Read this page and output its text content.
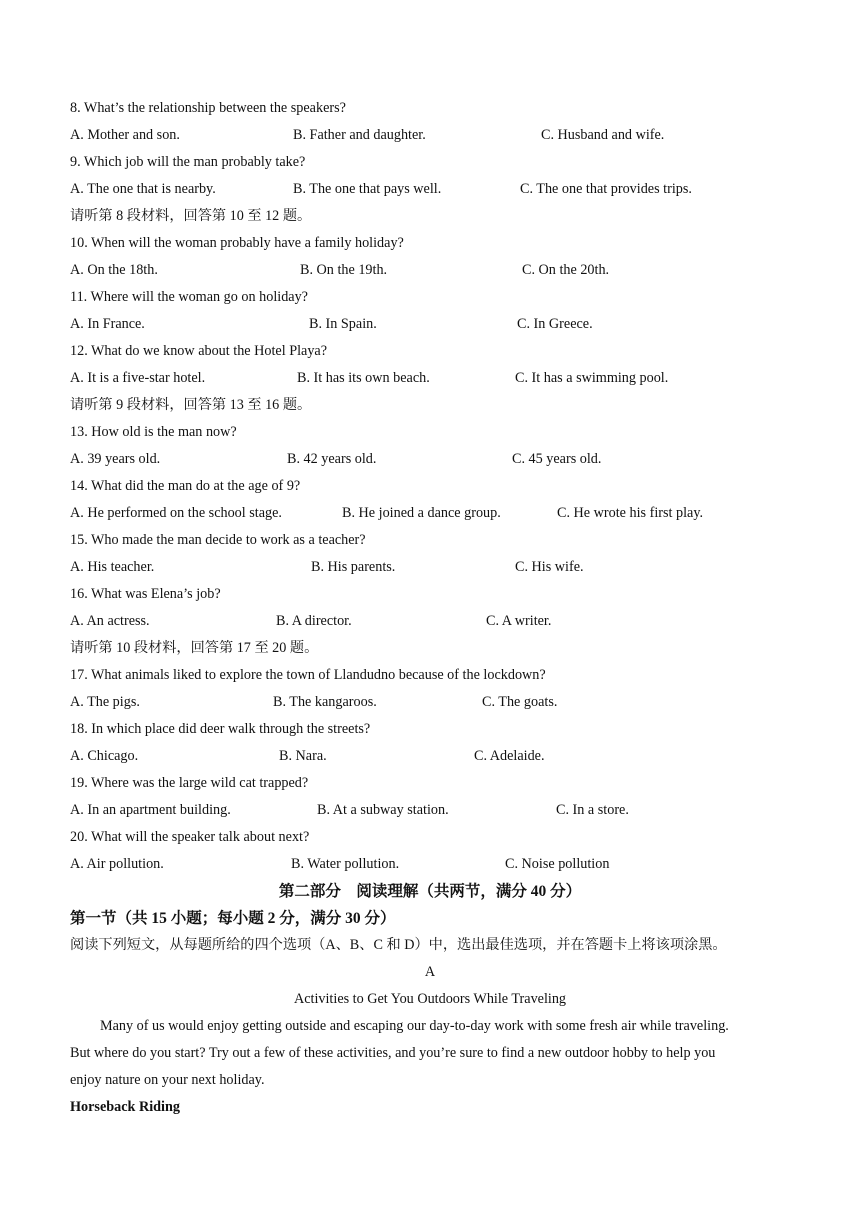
8. What’s the relationship between the speakers?
A. Mother and son.	B. Father and daughter.	C. Husband and wife.
9. Which job will the man probably take?
A. The one that is nearby.	B. The one that pays well.	C. The one that provides trips.
请听第 8 段材料，回答第 10 至 12 题。
10. When will the woman probably have a family holiday?
A. On the 18th.	B. On the 19th.	C. On the 20th.
11. Where will the woman go on holiday?
A. In France.	B. In Spain.	C. In Greece.
12. What do we know about the Hotel Playa?
A. It is a five-star hotel.	B. It has its own beach.	C. It has a swimming pool.
请听第 9 段材料，回答第 13 至 16 题。
13. How old is the man now?
A. 39 years old.	B. 42 years old.	C. 45 years old.
14. What did the man do at the age of 9?
A. He performed on the school stage.	B. He joined a dance group.	C. He wrote his first play.
15. Who made the man decide to work as a teacher?
A. His teacher.	B. His parents.	C. His wife.
16. What was Elena’s job?
A. An actress.	B. A director.	C. A writer.
请听第 10 段材料，回答第 17 至 20 题。
17. What animals liked to explore the town of Llandudno because of the lockdown?
A. The pigs.	B. The kangaroos.	C. The goats.
18. In which place did deer walk through the streets?
A. Chicago.	B. Nara.	C. Adelaide.
19. Where was the large wild cat trapped?
A. In an apartment building.	B. At a subway station.	C. In a store.
20. What will the speaker talk about next?
A. Air pollution.	B. Water pollution.	C. Noise pollution
第二部分　阅读理解（共两节，满分 40 分）
第一节（共 15 小题；每小题 2 分，满分 30 分）
阅读下列短文，从每题所给的四个选项（A、B、C 和 D）中，选出最佳选项，并在答题卡上将该项涂黑。
A
Activities to Get You Outdoors While Traveling
Many of us would enjoy getting outside and escaping our day-to-day work with some fresh air while traveling.
But where do you start? Try out a few of these activities, and you’re sure to find a new outdoor hobby to help you
enjoy nature on your next holiday.
Horseback Riding
